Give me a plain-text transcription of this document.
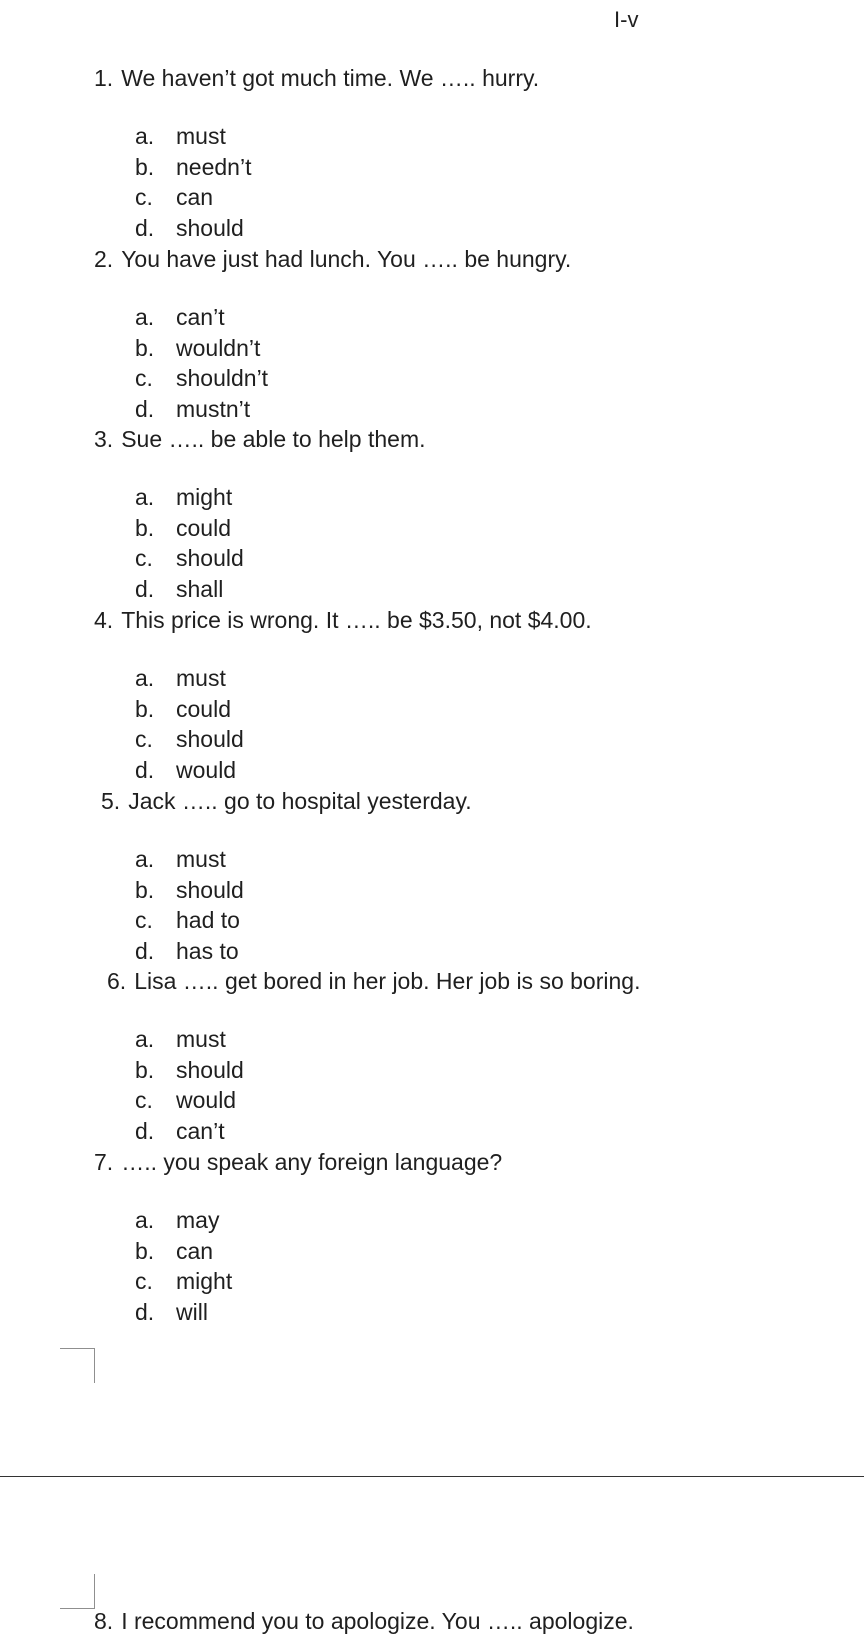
I-v
1. We haven’t got much time. We ….. hurry.
a. must
b. needn’t
c. can
d. should
2. You have just had lunch. You ….. be hungry.
a. can’t
b. wouldn’t
c. shouldn’t
d. mustn’t
3. Sue ….. be able to help them.
a. might
b. could
c. should
d. shall
4. This price is wrong. It ….. be $3.50, not $4.00.
a. must
b. could
c. should
d. would
5. Jack ….. go to hospital yesterday.
a. must
b. should
c. had to
d. has to
6. Lisa ….. get bored in her job. Her job is so boring.
a. must
b. should
c. would
d. can’t
7. ….. you speak any foreign language?
a. may
b. can
c. might
d. will
8. I recommend you to apologize. You ….. apologize.
